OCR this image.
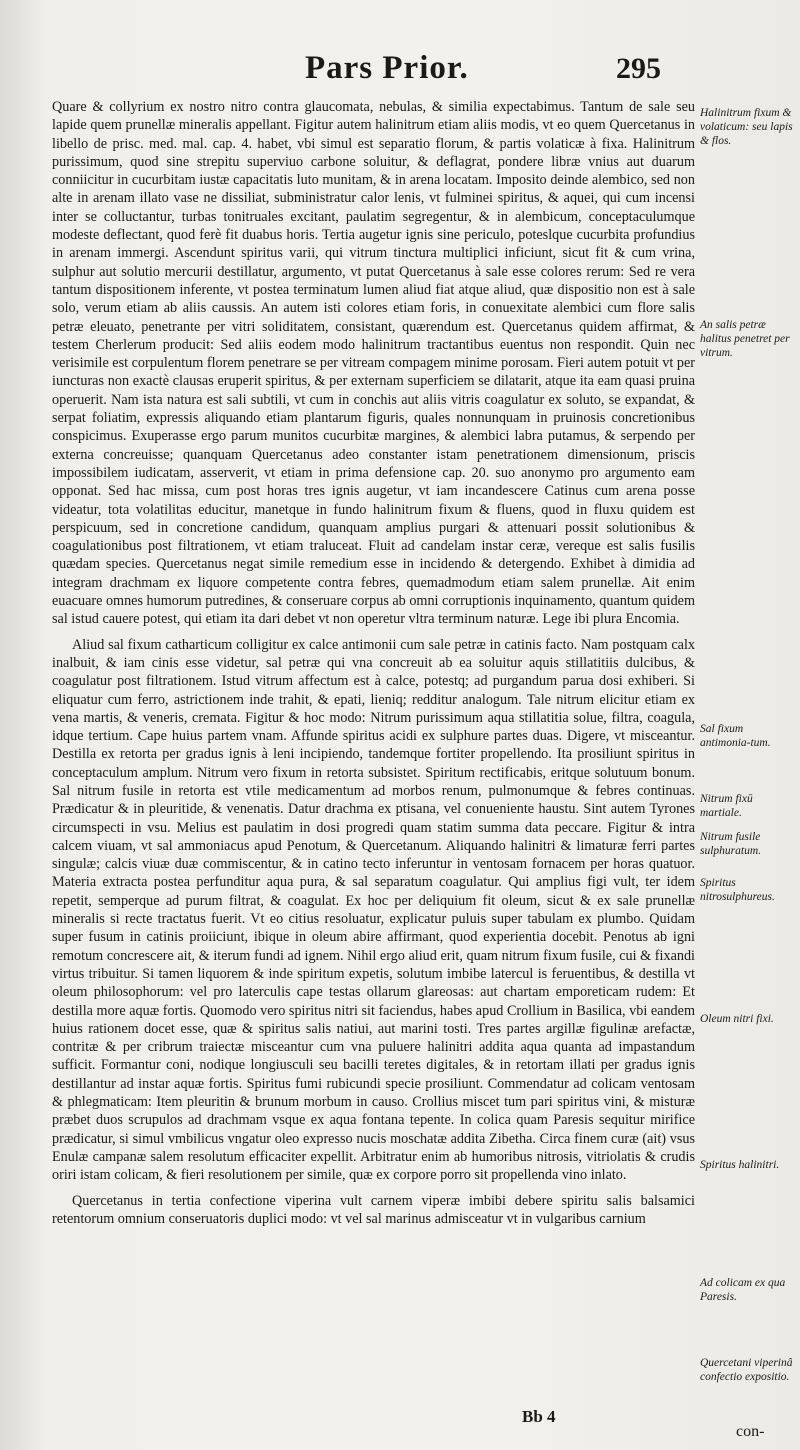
Pars Prior.	295

Quare & collyrium ex nostro nitro contra glaucomata, nebulas, & similia expectabimus. Tantum de sale seu lapide quem prunellæ mineralis appellant. Figitur autem halinitrum etiam aliis modis, vt eo quem Quercetanus in libello de prisc. med. mal. cap. 4. habet, vbi simul est separatio florum, & partis volaticæ à fixa. Halinitrum purissimum, quod sine strepitu superviuo carbone soluitur, & deflagrat, pondere libræ vnius aut duarum conniicitur in cucurbitam iustæ capacitatis luto munitam, & in arena locatam. Imposito deinde alembico, sed non alte in arenam illato vase ne dissiliat, subministratur calor lenis, vt fulminei spiritus, & aquei, qui cum incensi inter se colluctantur, turbas tonitruales excitant, paulatim segregentur, & in alembicum, conceptaculumque modeste deflectant, quod ferè fit duabus horis. Tertia augetur ignis sine periculo, poteslque cucurbita profundius in arenam immergi. Ascendunt spiritus varii, qui vitrum tinctura multiplici inficiunt, sicut fit & cum vrina, sulphur aut solutio mercurii destillatur, argumento, vt putat Quercetanus à sale esse colores rerum: Sed re vera tantum dispositionem inferente, vt postea terminatum lumen aliud fiat atque aliud, quæ dispositio non est à sale solo, verum etiam ab aliis caussis. An autem isti colores etiam foris, in conuexitate alembici cum flore salis petræ eleuato, penetrante per vitri soliditatem, consistant, quærendum est. Quercetanus quidem affirmat, & testem Cherlerum producit: Sed aliis eodem modo halinitrum tractantibus euentus non respondit. Quin nec verisimile est corpulentum florem penetrare se per vitream compagem minime porosam. Fieri autem potuit vt per iuncturas non exactè clausas eruperit spiritus, & per externam superficiem se dilatarit, atque ita eam quasi pruina operuerit. Nam ista natura est sali subtili, vt cum in conchis aut aliis vitris coagulatur ex soluto, se expandat, & serpat foliatim, expressis aliquando etiam plantarum figuris, quales nonnunquam in pruinosis concretionibus conspicimus. Exuperasse ergo parum munitos cucurbitæ margines, & alembici labra putamus, & serpendo per externa concreuisse; quanquam Quercetanus adeo constanter istam penetrationem dimensionum, priscis impossibilem iudicatam, asserverit, vt etiam in prima defensione cap. 20. suo anonymo pro argumento eam opponat. Sed hac missa, cum post horas tres ignis augetur, vt iam incandescere Catinus cum arena posse videatur, tota volatilitas educitur, manetque in fundo halinitrum fixum & fluens, quod in fluxu quidem est perspicuum, sed in concretione candidum, quanquam amplius purgari & attenuari possit solutionibus & coagulationibus post filtrationem, vt etiam traluceat. Fluit ad candelam instar ceræ, vereque est salis fusilis quædam species. Quercetanus negat simile remedium esse in incidendo & detergendo. Exhibet à dimidia ad integram drachmam ex liquore competente contra febres, quemadmodum etiam salem prunellæ. Ait enim euacuare omnes humorum putredines, & conseruare corpus ab omni corruptionis inquinamento, quantum quidem sal istud cauere potest, qui etiam ita dari debet vt non operetur vltra terminum naturæ. Lege ibi plura Encomia.

Aliud sal fixum catharticum colligitur ex calce antimonii cum sale petræ in catinis facto. Nam postquam calx inalbuit, & iam cinis esse videtur, sal petræ qui vna concreuit ab ea soluitur aquis stillatitiis dulcibus, & coagulatur post filtrationem. Istud vitrum affectum est à calce, potestq; ad purgandum parua dosi exhiberi. Si eliquatur cum ferro, astrictionem inde trahit, & epati, lieniq; redditur analogum. Tale nitrum elicitur etiam ex vena martis, & veneris, cremata. Figitur & hoc modo: Nitrum purissimum aqua stillatitia solue, filtra, coagula, idque tertium. Cape huius partem vnam. Affunde spiritus acidi ex sulphure partes duas. Digere, vt misceantur. Destilla ex retorta per gradus ignis à leni incipiendo, tandemque fortiter propellendo. Ita prosiliunt spiritus in conceptaculum amplum. Nitrum vero fixum in retorta subsistet. Spiritum rectificabis, eritque solutuum bonum. Sal nitrum fusile in retorta est vtile medicamentum ad morbos renum, pulmonumque & febres continuas. Prædicatur & in pleuritide, & venenatis. Datur drachma ex ptisana, vel conueniente haustu. Sint autem Tyrones circumspecti in vsu. Melius est paulatim in dosi progredi quam statim summa data peccare. Figitur & intra calcem viuam, vt sal ammoniacus apud Penotum, & Quercetanum. Aliquando halinitri & limaturæ ferri partes singulæ; calcis viuæ duæ commiscentur, & in catino tecto inferuntur in ventosam fornacem per horas quatuor. Materia extracta postea perfunditur aqua pura, & sal separatum coagulatur. Qui amplius figi vult, ter idem repetit, semperque ad purum filtrat, & coagulat. Ex hoc per deliquium fit oleum, sicut & ex sale prunellæ mineralis si recte tractatus fuerit. Vt eo citius resoluatur, explicatur puluis super tabulam ex plumbo. Quidam super fusum in catinis proiiciunt, ibique in oleum abire affirmant, quod experientia docebit. Penotus ab igni remotum concrescere ait, & iterum fundi ad ignem. Nihil ergo aliud erit, quam nitrum fixum fusile, cui & fixandi virtus tribuitur. Si tamen liquorem & inde spiritum expetis, solutum imbibe latercul is feruentibus, & destilla vt oleum philosophorum: vel pro laterculis cape testas ollarum glareosas: aut chartam emporeticam rudem: Et destilla more aquæ fortis. Quomodo vero spiritus nitri sit faciendus, habes apud Crollium in Basilica, vbi eandem huius rationem docet esse, quæ & spiritus salis natiui, aut marini tosti. Tres partes argillæ figulinæ arefactæ, contritæ & per cribrum traiectæ misceantur cum vna puluere halinitri addita aqua quanta ad impastandum sufficit. Formantur coni, nodique longiusculi seu bacilli teretes digitales, & in retortam illati per gradus ignis destillantur ad instar aquæ fortis. Spiritus fumi rubicundi specie prosiliunt. Commendatur ad colicam ventosam & phlegmaticam: Item pleuritin & brunum morbum in causo. Crollius miscet tum pari spiritus vini, & misturæ præbet duos scrupulos ad drachmam vsque ex aqua fontana tepente. In colica quam Paresis sequitur mirifice prædicatur, si simul vmbilicus vngatur oleo expresso nucis moschatæ addita Zibetha. Circa finem curæ (ait) vsus Enulæ campanæ salem resolutum efficaciter expellit. Arbitratur enim ab humoribus nitrosis, vitriolatis & crudis oriri istam colicam, & fieri resolutionem per simile, quæ ex corpore porro sit propellenda vino inlato.

Quercetanus in tertia confectione viperina vult carnem viperæ imbibi debere spiritu salis balsamici retentorum omnium conseruatoris duplici modo: vt vel sal marinus admisceatur vt in vulgaribus carnium

Halinitrum fixum & volaticum: seu lapis & flos.
An salis petræ halitus penetret per vitrum.
Sal fixum antimonia-tum.
Nitrum fixū martiale.
Nitrum fusile sulphuratum.
Spiritus nitrosulphureus.
Oleum nitri fixi.
Spiritus halinitri.
Ad colicam ex qua Paresis.
Quercetani viperinâ confectio expositio.
Bb 4
con-
